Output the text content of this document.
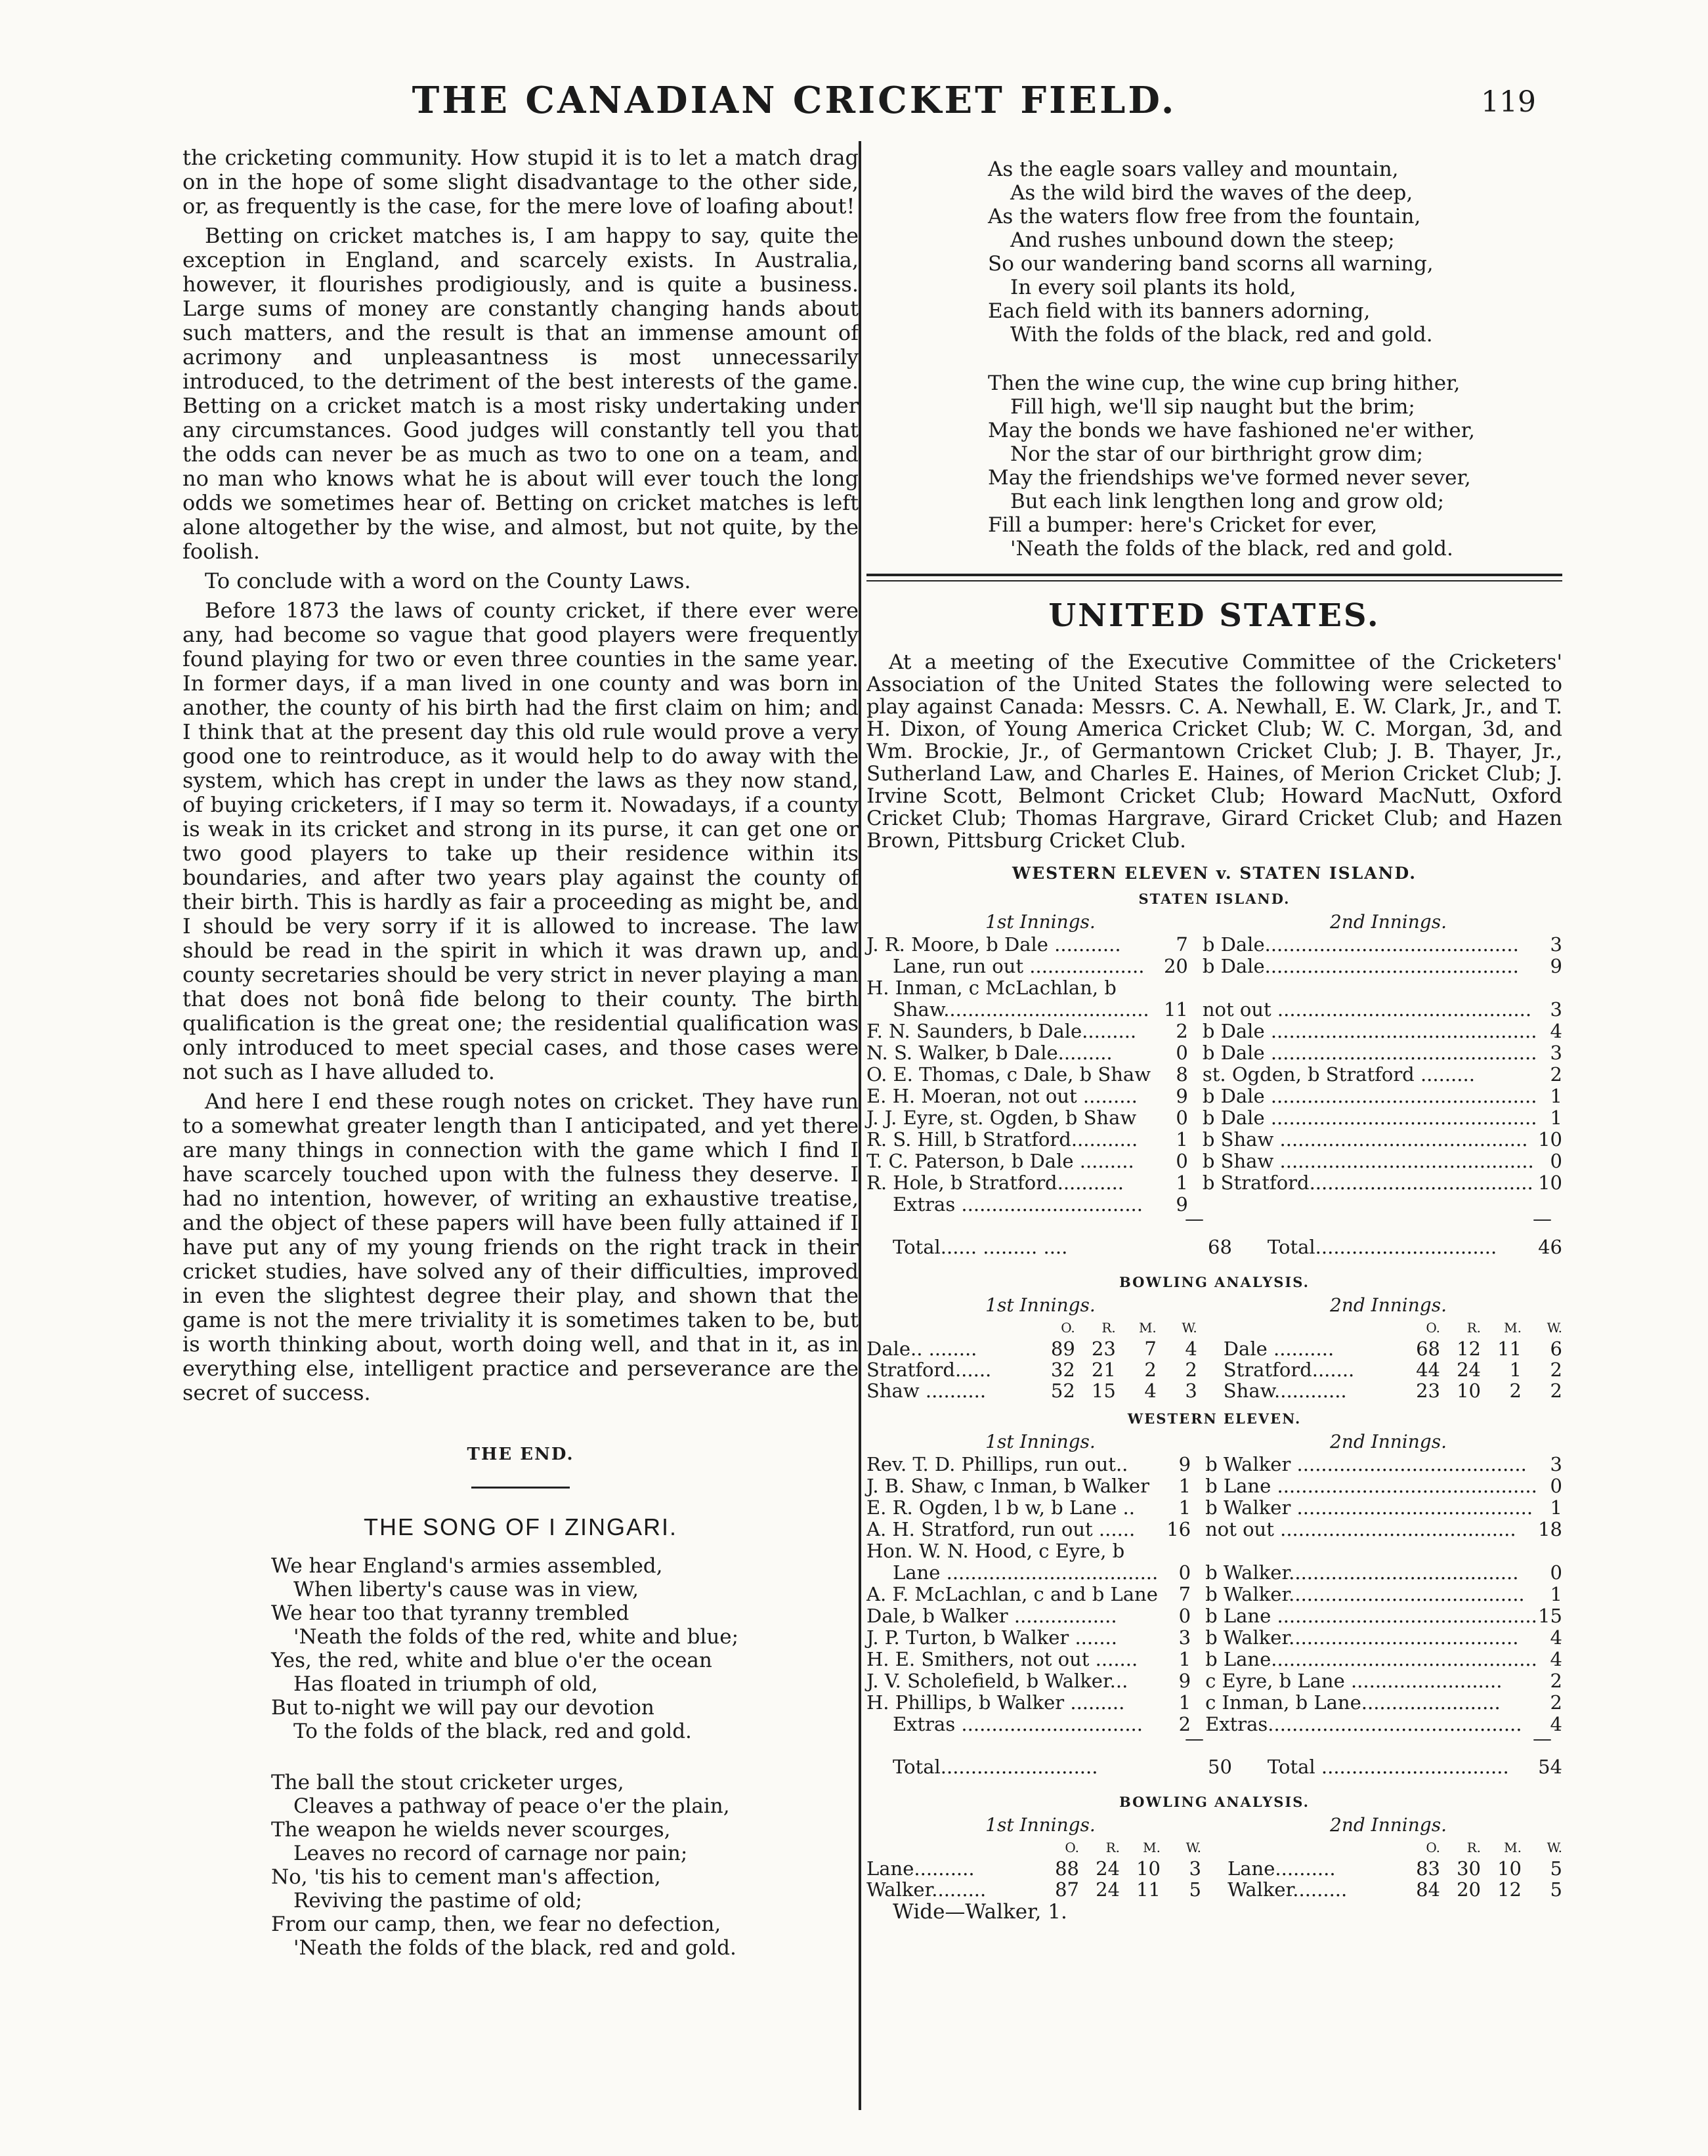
THE CANADIAN CRICKET FIELD.	119

the cricketing community. How stupid it is to let a match drag on in the hope of some slight disadvantage to the other side, or, as frequently is the case, for the mere love of loafing about!

Betting on cricket matches is, I am happy to say, quite the exception in England, and scarcely exists. In Australia, however, it flourishes prodigiously, and is quite a business. Large sums of money are constantly changing hands about such matters, and the result is that an immense amount of acrimony and unpleasantness is most unnecessarily introduced, to the detriment of the best interests of the game. Betting on a cricket match is a most risky undertaking under any circumstances. Good judges will constantly tell you that the odds can never be as much as two to one on a team, and no man who knows what he is about will ever touch the long odds we sometimes hear of. Betting on cricket matches is left alone altogether by the wise, and almost, but not quite, by the foolish.

To conclude with a word on the County Laws.

Before 1873 the laws of county cricket, if there ever were any, had become so vague that good players were frequently found playing for two or even three counties in the same year. In former days, if a man lived in one county and was born in another, the county of his birth had the first claim on him; and I think that at the present day this old rule would prove a very good one to reintroduce, as it would help to do away with the system, which has crept in under the laws as they now stand, of buying cricketers, if I may so term it. Nowadays, if a county is weak in its cricket and strong in its purse, it can get one or two good players to take up their residence within its boundaries, and after two years play against the county of their birth. This is hardly as fair a proceeding as might be, and I should be very sorry if it is allowed to increase. The law should be read in the spirit in which it was drawn up, and county secretaries should be very strict in never playing a man that does not bonâ fide belong to their county. The birth qualification is the great one; the residential qualification was only introduced to meet special cases, and those cases were not such as I have alluded to.

And here I end these rough notes on cricket. They have run to a somewhat greater length than I anticipated, and yet there are many things in connection with the game which I find I have scarcely touched upon with the fulness they deserve. I had no intention, however, of writing an exhaustive treatise, and the object of these papers will have been fully attained if I have put any of my young friends on the right track in their cricket studies, have solved any of their difficulties, improved in even the slightest degree their play, and shown that the game is not the mere triviality it is sometimes taken to be, but is worth thinking about, worth doing well, and that in it, as in everything else, intelligent practice and perseverance are the secret of success.

THE END.
THE SONG OF I ZINGARI.
We hear England's armies assembled,
When liberty's cause was in view,
We hear too that tyranny trembled
'Neath the folds of the red, white and blue;
Yes, the red, white and blue o'er the ocean
Has floated in triumph of old,
But to-night we will pay our devotion
To the folds of the black, red and gold.
The ball the stout cricketer urges,
Cleaves a pathway of peace o'er the plain,
The weapon he wields never scourges,
Leaves no record of carnage nor pain;
No, 'tis his to cement man's affection,
Reviving the pastime of old;
From our camp, then, we fear no defection,
'Neath the folds of the black, red and gold.
As the eagle soars valley and mountain,
As the wild bird the waves of the deep,
As the waters flow free from the fountain,
And rushes unbound down the steep;
So our wandering band scorns all warning,
In every soil plants its hold,
Each field with its banners adorning,
With the folds of the black, red and gold.
Then the wine cup, the wine cup bring hither,
Fill high, we'll sip naught but the brim;
May the bonds we have fashioned ne'er wither,
Nor the star of our birthright grow dim;
May the friendships we've formed never sever,
But each link lengthen long and grow old;
Fill a bumper: here's Cricket for ever,
'Neath the folds of the black, red and gold.
UNITED STATES.

At a meeting of the Executive Committee of the Cricketers' Association of the United States the following were selected to play against Canada: Messrs. C. A. Newhall, E. W. Clark, Jr., and T. H. Dixon, of Young America Cricket Club; W. C. Morgan, 3d, and Wm. Brockie, Jr., of Germantown Cricket Club; J. B. Thayer, Jr., Sutherland Law, and Charles E. Haines, of Merion Cricket Club; J. Irvine Scott, Belmont Cricket Club; Howard MacNutt, Oxford Cricket Club; Thomas Hargrave, Girard Cricket Club; and Hazen Brown, Pittsburg Cricket Club.

WESTERN ELEVEN v. STATEN ISLAND.
STATEN ISLAND.
1st Innings.	2nd Innings.
J. R. Moore, b Dale ...........	7	b Dale..........................................	3
Lane, run out ...................	20	b Dale..........................................	9
H. Inman, c McLachlan, b			
Shaw..................................	11	not out ..........................................	3
F. N. Saunders, b Dale.........	2	b Dale ............................................	4
N. S. Walker, b Dale.........	0	b Dale ............................................	3
O. E. Thomas, c Dale, b Shaw	8	st. Ogden, b Stratford .........	2
E. H. Moeran, not out .........	9	b Dale ............................................	1
J. J. Eyre, st. Ogden, b Shaw	0	b Dale ............................................	1
R. S. Hill, b Stratford...........	1	b Shaw .........................................	10
T. C. Paterson, b Dale .........	0	b Shaw ..........................................	0
R. Hole, b Stratford...........	1	b Stratford.....................................	10
Extras ..............................	9		
—	—
Total...... ......... ....	68	Total..............................	46
BOWLING ANALYSIS.
1st Innings.	2nd Innings.
	O.	R.	M.	W.			O.	R.	M.	W.
Dale.. ........	89	23	7	4		Dale ..........	68	12	11	6
Stratford......	32	21	2	2		Stratford.......	44	24	1	2
Shaw ..........	52	15	4	3		Shaw............	23	10	2	2
WESTERN ELEVEN.
1st Innings.	2nd Innings.
Rev. T. D. Phillips, run out..	9	b Walker ......................................	3
J. B. Shaw, c Inman, b Walker	1	b Lane ...........................................	0
E. R. Ogden, l b w, b Lane ..	1	b Walker .......................................	1
A. H. Stratford, run out ......	16	not out .......................................	18
Hon. W. N. Hood, c Eyre, b			
Lane ...................................	0	b Walker......................................	0
A. F. McLachlan, c and b Lane	7	b Walker.......................................	1
Dale, b Walker .................	0	b Lane ...........................................	15
J. P. Turton, b Walker .......	3	b Walker......................................	4
H. E. Smithers, not out .......	1	b Lane............................................	4
J. V. Scholefield, b Walker...	9	c Eyre, b Lane .........................	2
H. Phillips, b Walker .........	1	c Inman, b Lane.......................	2
Extras ..............................	2	Extras..........................................	4
—	—
Total..........................	50	Total ...............................	54
BOWLING ANALYSIS.
1st Innings.	2nd Innings.
	O.	R.	M.	W.			O.	R.	M.	W.
Lane..........	88	24	10	3		Lane..........	83	30	10	5
Walker.........	87	24	11	5		Walker.........	84	20	12	5
Wide—Walker, 1.
